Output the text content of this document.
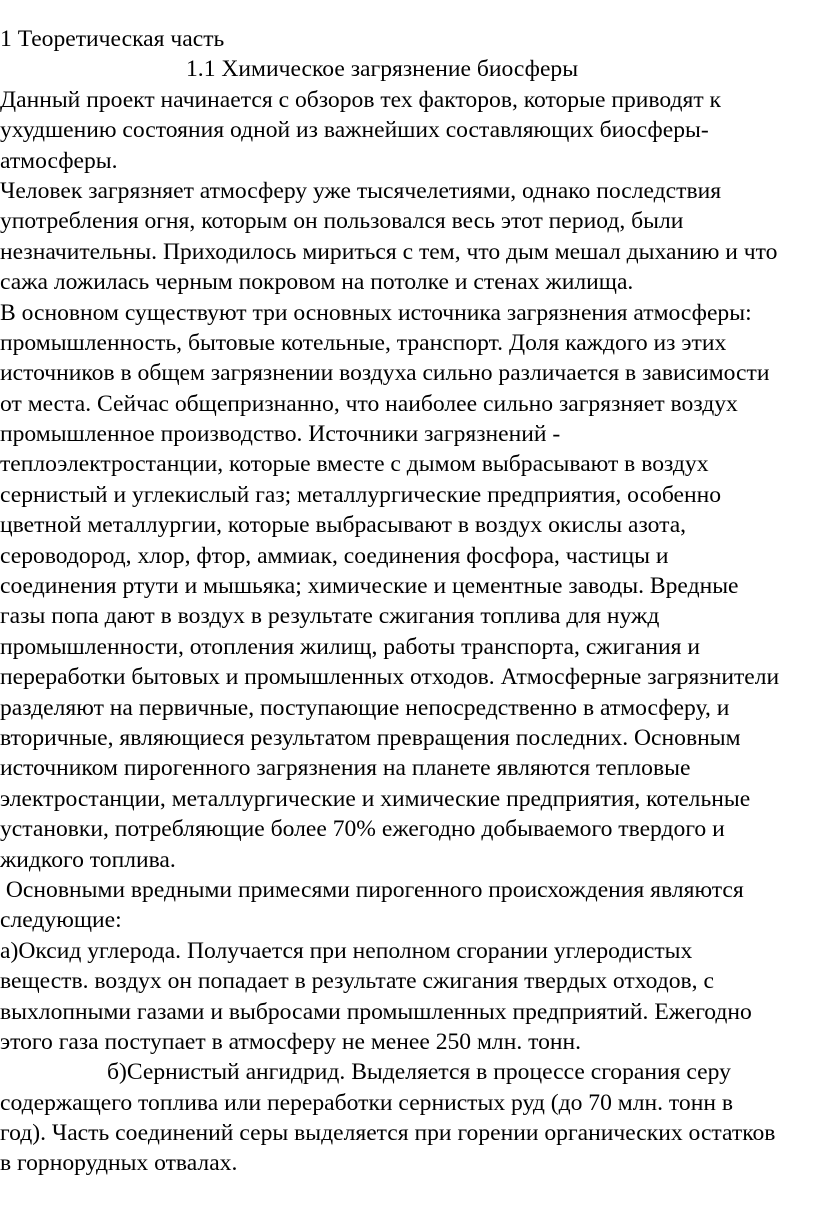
1 Теоретическая часть
1.1 Химическое загрязнение биосферы
Данный проект начинается с обзоров тех факторов, которые приводят к
ухудшению состояния одной из важнейших составляющих биосферы-
атмосферы.
Человек загрязняет атмосферу уже тысячелетиями, однако последствия
употребления огня, которым он пользовался весь этот период, были
незначительны. Приходилось мириться с тем, что дым мешал дыханию и что
сажа ложилась черным покровом на потолке и стенах жилища.
В основном существуют три основных источника загрязнения атмосферы:
промышленность, бытовые котельные, транспорт. Доля каждого из этих
источников в общем загрязнении воздуха сильно различается в зависимости
от места. Сейчас общепризнанно, что наиболее сильно загрязняет воздух
промышленное производство. Источники загрязнений -
теплоэлектростанции, которые вместе с дымом выбрасывают в воздух
сернистый и углекислый газ; металлургические предприятия, особенно
цветной металлургии, которые выбрасывают в воздух окислы азота,
сероводород, хлор, фтор, аммиак, соединения фосфора, частицы и
соединения ртути и мышьяка; химические и цементные заводы. Вредные
газы попа дают в воздух в результате сжигания топлива для нужд
промышленности, отопления жилищ, работы транспорта, сжигания и
переработки бытовых и промышленных отходов. Атмосферные загрязнители
разделяют на первичные, поступающие непосредственно в атмосферу, и
вторичные, являющиеся результатом превращения последних. Основным
источником пирогенного загрязнения на планете являются тепловые
электростанции, металлургические и химические предприятия, котельные
установки, потребляющие более 70% ежегодно добываемого твердого и
жидкого топлива.
Основными вредными примесями пирогенного происхождения являются
следующие:
а)Оксид углерода. Получается при неполном сгорании углеродистых
веществ. воздух он попадает в результате сжигания твердых отходов, с
выхлопными газами и выбросами промышленных предприятий. Ежегодно
этого газа поступает в атмосферу не менее 250 млн. тонн.
б)Сернистый ангидрид. Выделяется в процессе сгорания серу
содержащего топлива или переработки сернистых руд (до 70 млн. тонн в
год). Часть соединений серы выделяется при горении органических остатков
в горнорудных отвалах.
